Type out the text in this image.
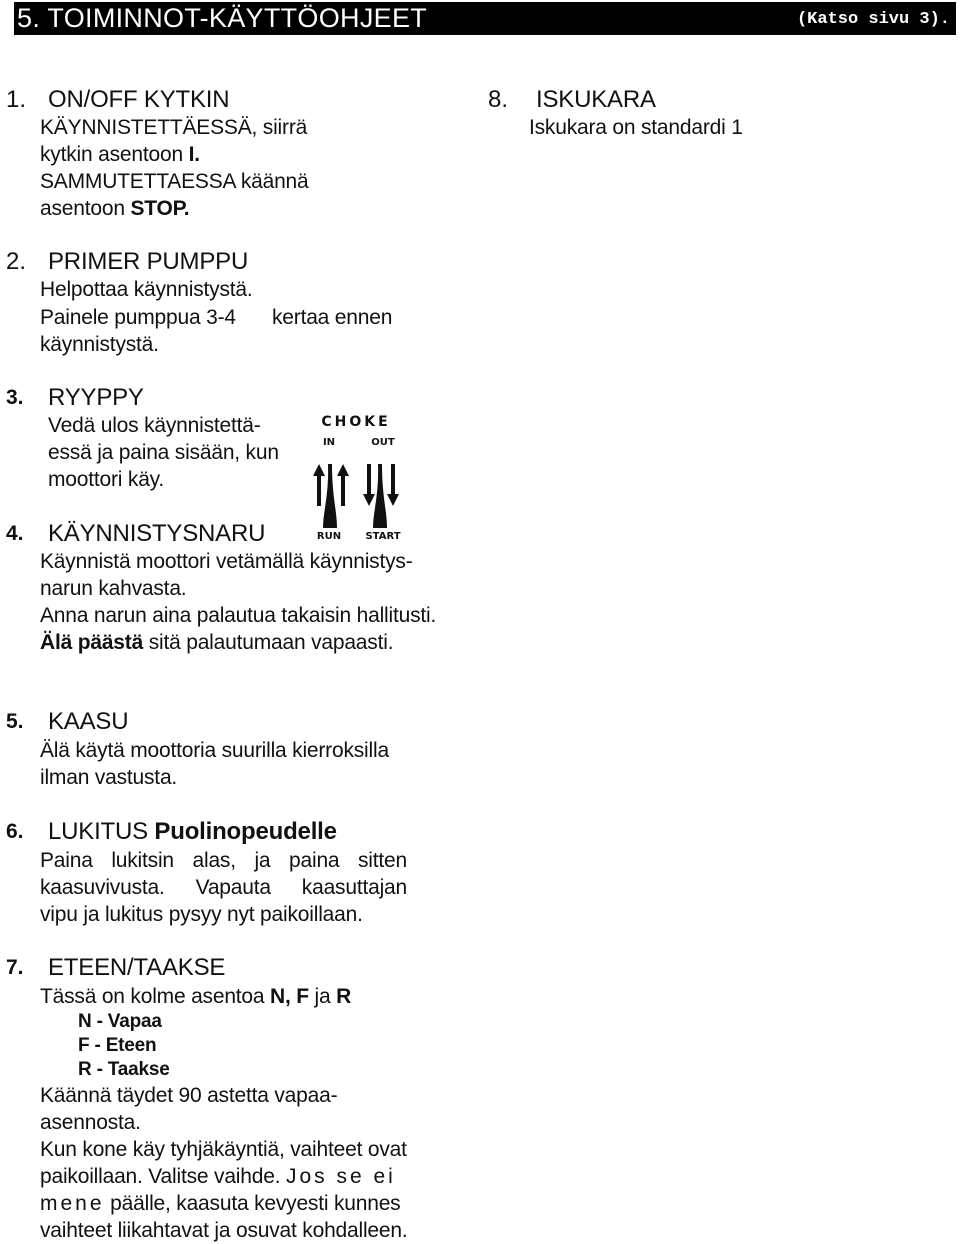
5. TOIMINNOT-KÄYTTÖOHJEET	(Katso sivu 3).
1. ON/OFF KYTKIN
KÄYNNISTETTÄESSÄ, siirrä
kytkin asentoon I.
SAMMUTETTAESSA käännä
asentoon STOP.
2. PRIMER PUMPPU
Helpottaa käynnistystä.
Painele pumppua 3-4 kertaa ennen
käynnistystä.
3. RYYPPY
Vedä ulos käynnistettä-
essä ja paina sisään, kun
moottori käy.
CHOKE
IN	OUT
RUN START
4. KÄYNNISTYSNARU
Käynnistä moottori vetämällä käynnistys-
narun kahvasta.
Anna narun aina palautua takaisin hallitusti.
Älä päästä sitä palautumaan vapaasti.
5. KAASU
Älä käytä moottoria suurilla kierroksilla
ilman vastusta.
6. LUKITUS Puolinopeudelle
Paina lukitsin alas, ja paina sitten
kaasuvivusta. Vapauta kaasuttajan
vipu ja lukitus pysyy nyt paikoillaan.
7. ETEEN/TAAKSE
Tässä on kolme asentoa N, F ja R
N - Vapaa
F - Eteen
R - Taakse
Käännä täydet 90 astetta vapaa-
asennosta.
Kun kone käy tyhjäkäyntiä, vaihteet ovat
paikoillaan. Valitse vaihde. Jos se ei
mene päälle, kaasuta kevyesti kunnes
vaihteet liikahtavat ja osuvat kohdalleen.
8. ISKUKARA
Iskukara on standardi 1
